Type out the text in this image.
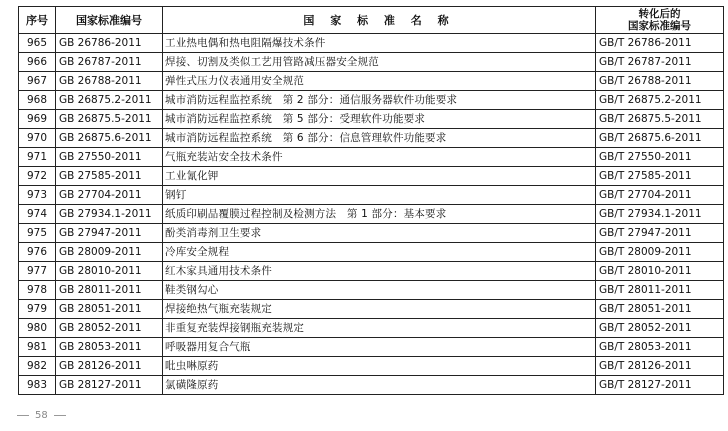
序号	国家标准编号	国 家 标 准 名 称	转化后的
国家标准编号
965	GB 26786-2011	工业热电偶和热电阻隔爆技术条件	GB/T 26786-2011
966	GB 26787-2011	焊接、切割及类似工艺用管路减压器安全规范	GB/T 26787-2011
967	GB 26788-2011	弹性式压力仪表通用安全规范	GB/T 26788-2011
968	GB 26875.2-2011	城市消防远程监控系统　第 2 部分：通信服务器软件功能要求	GB/T 26875.2-2011
969	GB 26875.5-2011	城市消防远程监控系统　第 5 部分：受理软件功能要求	GB/T 26875.5-2011
970	GB 26875.6-2011	城市消防远程监控系统　第 6 部分：信息管理软件功能要求	GB/T 26875.6-2011
971	GB 27550-2011	气瓶充装站安全技术条件	GB/T 27550-2011
972	GB 27585-2011	工业氰化钾	GB/T 27585-2011
973	GB 27704-2011	钢钉	GB/T 27704-2011
974	GB 27934.1-2011	纸质印刷品覆膜过程控制及检测方法　第 1 部分：基本要求	GB/T 27934.1-2011
975	GB 27947-2011	酚类消毒剂卫生要求	GB/T 27947-2011
976	GB 28009-2011	冷库安全规程	GB/T 28009-2011
977	GB 28010-2011	红木家具通用技术条件	GB/T 28010-2011
978	GB 28011-2011	鞋类钢勾心	GB/T 28011-2011
979	GB 28051-2011	焊接绝热气瓶充装规定	GB/T 28051-2011
980	GB 28052-2011	非重复充装焊接钢瓶充装规定	GB/T 28052-2011
981	GB 28053-2011	呼吸器用复合气瓶	GB/T 28053-2011
982	GB 28126-2011	吡虫啉原药	GB/T 28126-2011
983	GB 28127-2011	氯磺隆原药	GB/T 28127-2011
58
